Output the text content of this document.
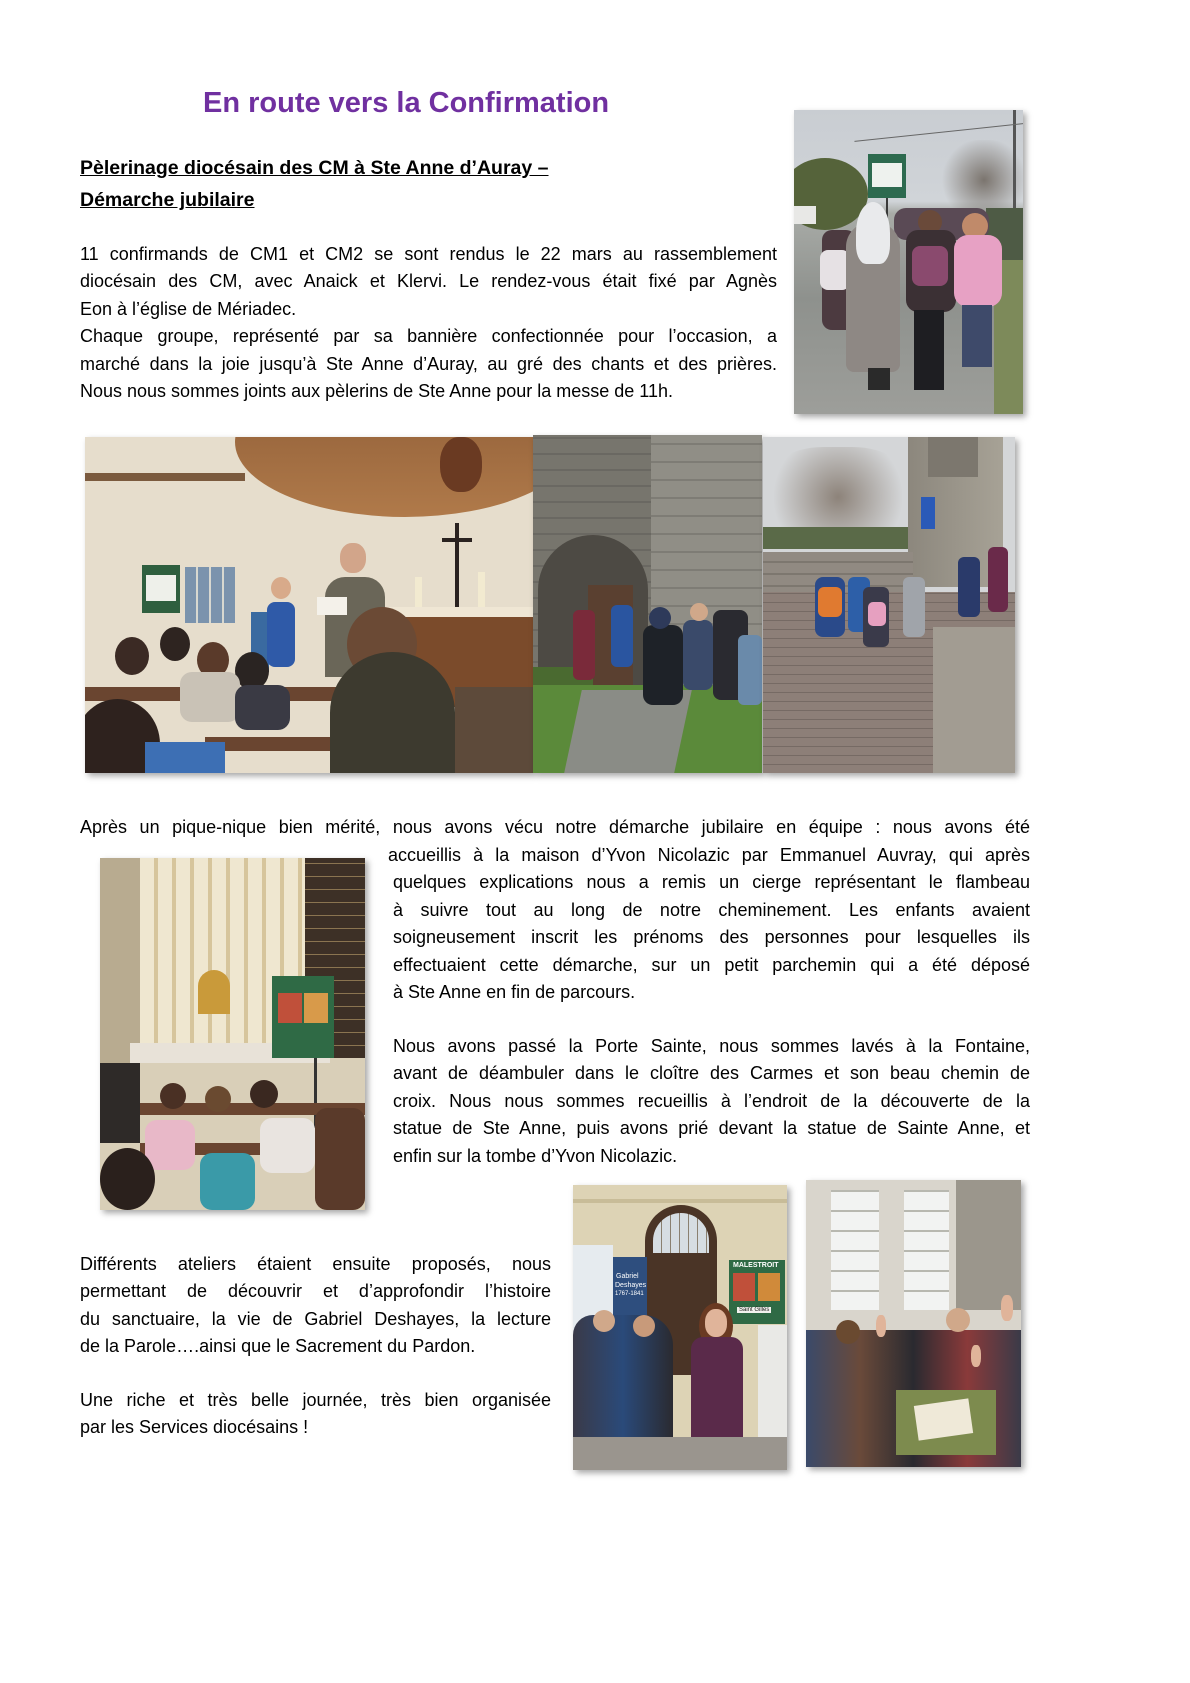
En route vers la Confirmation
Pèlerinage diocésain des CM à Ste Anne d’Auray –
Démarche jubilaire
11 confirmands de CM1 et CM2 se sont rendus le 22 mars au rassemblement
diocésain des CM, avec Anaick et Klervi. Le rendez-vous était fixé par Agnès
Eon à l’église de Mériadec.
Chaque groupe, représenté par sa bannière confectionnée pour l’occasion, a
marché dans la joie jusqu’à Ste Anne d’Auray, au gré des chants et des prières.
Nous nous sommes joints aux pèlerins de Ste Anne pour la messe de 11h.
Après un pique-nique bien mérité, nous avons vécu notre démarche jubilaire en équipe : nous avons été
accueillis à la maison d’Yvon Nicolazic par Emmanuel Auvray, qui après
quelques explications nous a remis un cierge représentant le flambeau
à suivre tout au long de notre cheminement. Les enfants avaient
soigneusement inscrit les prénoms des personnes pour lesquelles ils
effectuaient cette démarche, sur un petit parchemin qui a été déposé
à Ste Anne en fin de parcours.
Nous avons passé la Porte Sainte, nous sommes lavés à la Fontaine,
avant de déambuler dans le cloître des Carmes et son beau chemin de
croix. Nous nous sommes recueillis à l’endroit de la découverte de la
statue de Ste Anne, puis avons prié devant la statue de Sainte Anne, et
enfin sur la tombe d’Yvon Nicolazic.
Gabriel
Deshayes
1767-1841
MALESTROIT
Saint Gilles
Différents ateliers étaient ensuite proposés, nous
permettant de découvrir et d’approfondir l’histoire
du sanctuaire, la vie de Gabriel Deshayes, la lecture
de la Parole….ainsi que le Sacrement du Pardon.
Une riche et très belle journée, très bien organisée
par les Services diocésains !
